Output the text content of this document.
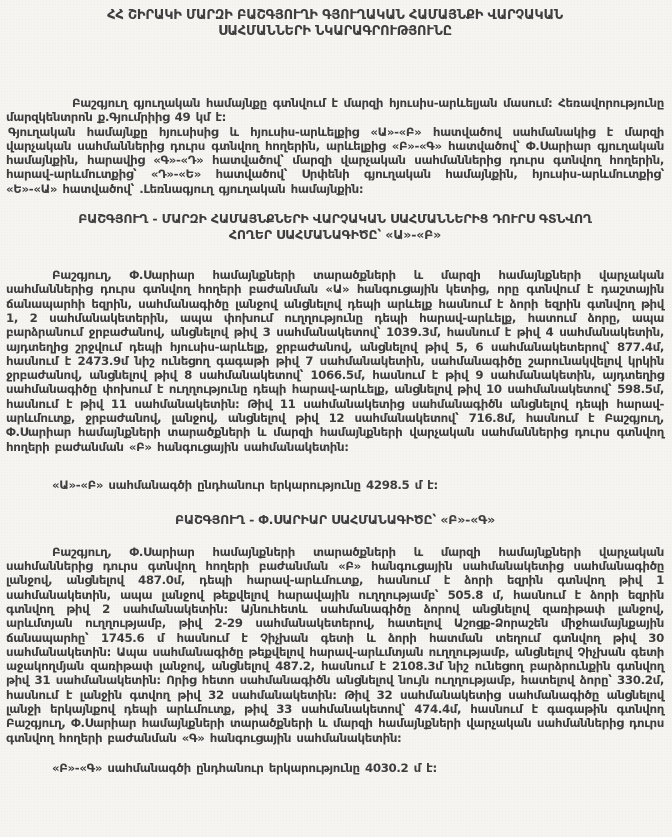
ՀՀ ՇԻՐԱԿԻ ՄԱՐԶԻ ԲԱՇԳՅՈՒՂԻ ԳՅՈՒՂԱԿԱՆ ՀԱՄԱՅՆՔԻ ՎԱՐՉԱԿԱՆ
ՍԱՀՄԱՆՆԵՐԻ ՆԿԱՐԱԳՐՈՒԹՅՈՒՆԸ

Բաշգյուղ գյուղական համայնքը գտնվում է մարզի հյուսիս-արևելյան մասում: Հեռավորությունը մարզկենտրոն ք.Գյումրիից 49 կմ է:

Գյուղական համայնքը հյուսիսից և հյուսիս-արևելքից «Ա»-«Բ» հատվածով սահմանակից է մարզի վարչական սահմաններից դուրս գտնվող հողերին, արևելքից «Բ»-«Գ» հատվածով՝ Փ.Սարիար գյուղական համայնքին, հարավից «Գ»-«Դ» հատվածով՝ մարզի վարչական սահմաններից դուրս գտնվող հողերին, հարավ-արևմուտքից՝ «Դ»-«Ե» հատվածով՝ Սրփենի գյուղական համայնքին, հյուսիս-արևմուտքից՝ «Ե»-«Ա» հատվածով՝ .Լեռնագյուղ գյուղական համայնքին:

ԲԱՇԳՅՈՒՂ - ՄԱՐԶԻ ՀԱՄԱՅՆՔՆԵՐԻ ՎԱՐՉԱԿԱՆ ՍԱՀՄԱՆՆԵՐԻՑ ԴՈՒՐՍ ԳՏՆՎՈՂ
ՀՈՂԵՐ ՍԱՀՄԱՆԱԳԻԾԸ՝ «Ա»-«Բ»

Բաշգյուղ, Փ.Սարիար համայնքների տարածքների և մարզի համայնքների վարչական սահմաններից դուրս գտնվող հողերի բաժանման «Ա» հանգուցային կետից, որը գտնվում է դաշտային ճանապարհի եզրին, սահմանագիծը լանջով անցնելով դեպի արևելք հասնում է ձորի եզրին գտնվող թիվ 1, 2 սահմանակետերին, ապա փոխում ուղղությունը դեպի հարավ-արևելք, հատում ձորը, ապա բարձրանում ջրբաժանով, անցնելով թիվ 3 սահմանակետով՝ 1039.3մ, հասնում է թիվ 4 սահմանակետին, այդտեղից շրջվում դեպի հյուսիս-արևելք, ջրբաժանով, անցնելով թիվ 5, 6 սահմանակետերով՝ 877.4մ, հասնում է 2473.9մ նիշ ունեցող գագաթի թիվ 7 սահմանակետին, սահմանագիծը շարունակվելով կրկին ջրբաժանով, անցնելով թիվ 8 սահմանակետով՝ 1066.5մ, հասնում է թիվ 9 սահմանակետին, այդտեղից սահմանագիծը փոխում է ուղղությունը դեպի հարավ-արևելք, անցնելով թիվ 10 սահմանակետով՝ 598.5մ, հասնում է թիվ 11 սահմանակետին: Թիվ 11 սահմանակետից սահմանագիծն անցնելով դեպի հարավ-արևմուտք, ջրբաժանով, լանջով, անցնելով թիվ 12 սահմանակետով՝ 716.8մ, հասնում է Բաշգյուղ, Փ.Սարիար համայնքների տարածքների և մարզի համայնքների վարչական սահմաններից դուրս գտնվող հողերի բաժանման «Բ» հանգուցային սահմանակետին:

«Ա»-«Բ» սահմանագծի ընդհանուր երկարությունը 4298.5 մ է:

ԲԱՇԳՅՈՒՂ - Փ.ՍԱՐԻԱՐ ՍԱՀՄԱՆԱԳԻԾԸ՝ «Բ»-«Գ»

Բաշգյուղ, Փ.Սարիար համայնքների տարածքների և մարզի համայնքների վարչական սահմաններից դուրս գտնվող հողերի բաժանման «Բ» հանգուցային սահմանակետից սահմանագիծը լանջով, անցնելով 487.0մ, դեպի հարավ-արևմուտք, հասնում է ձորի եզրին գտնվող թիվ 1 սահմանակետին, ապա լանջով թեքվելով հարավային ուղղությամբ՝ 505.8 մ, հասնում է ձորի եզրին գտնվող թիվ 2 սահմանակետին: Այնուհետև սահմանագիծը ձորով անցնելով զառիթափ լանջով, արևմտյան ուղղությամբ, թիվ 2-29 սահմանակետերով, հատելով Աշոցք-Ձորաշեն միջհամայնքային ճանապարհը՝ 1745.6 մ հասնում է Չիչխան գետի և ձորի հատման տեղում գտնվող թիվ 30 սահմանակետին: Ապա սահմանագիծը թեքվելով հարավ-արևմտյան ուղղությամբ, անցնելով Չիչխան գետի աջակողմյան զառիթափ լանջով, անցնելով 487.2, հասնում է 2108.3մ նիշ ունեցող բարձրունքին գտնվող թիվ 31 սահմանակետին: Որից հետո սահմանագիծն անցնելով նույն ուղղությամբ, հատելով ձորը՝ 330.2մ, հասնում է լանջին գտվող թիվ 32 սահմանակետին: Թիվ 32 սահմանակետից սահմանագիծը անցնելով լանջի երկայնքով դեպի արևմուտք, թիվ 33 սահմանակետով՝ 474.4մ, հասնում է գագաթին գտնվող Բաշգյուղ, Փ.Սարիար համայնքների տարածքների և մարզի համայնքների վարչական սահմաններից դուրս գտնվող հողերի բաժանման «Գ» հանգուցային սահմանակետին:

«Բ»-«Գ» սահմանագծի ընդհանուր երկարությունը 4030.2 մ է:
